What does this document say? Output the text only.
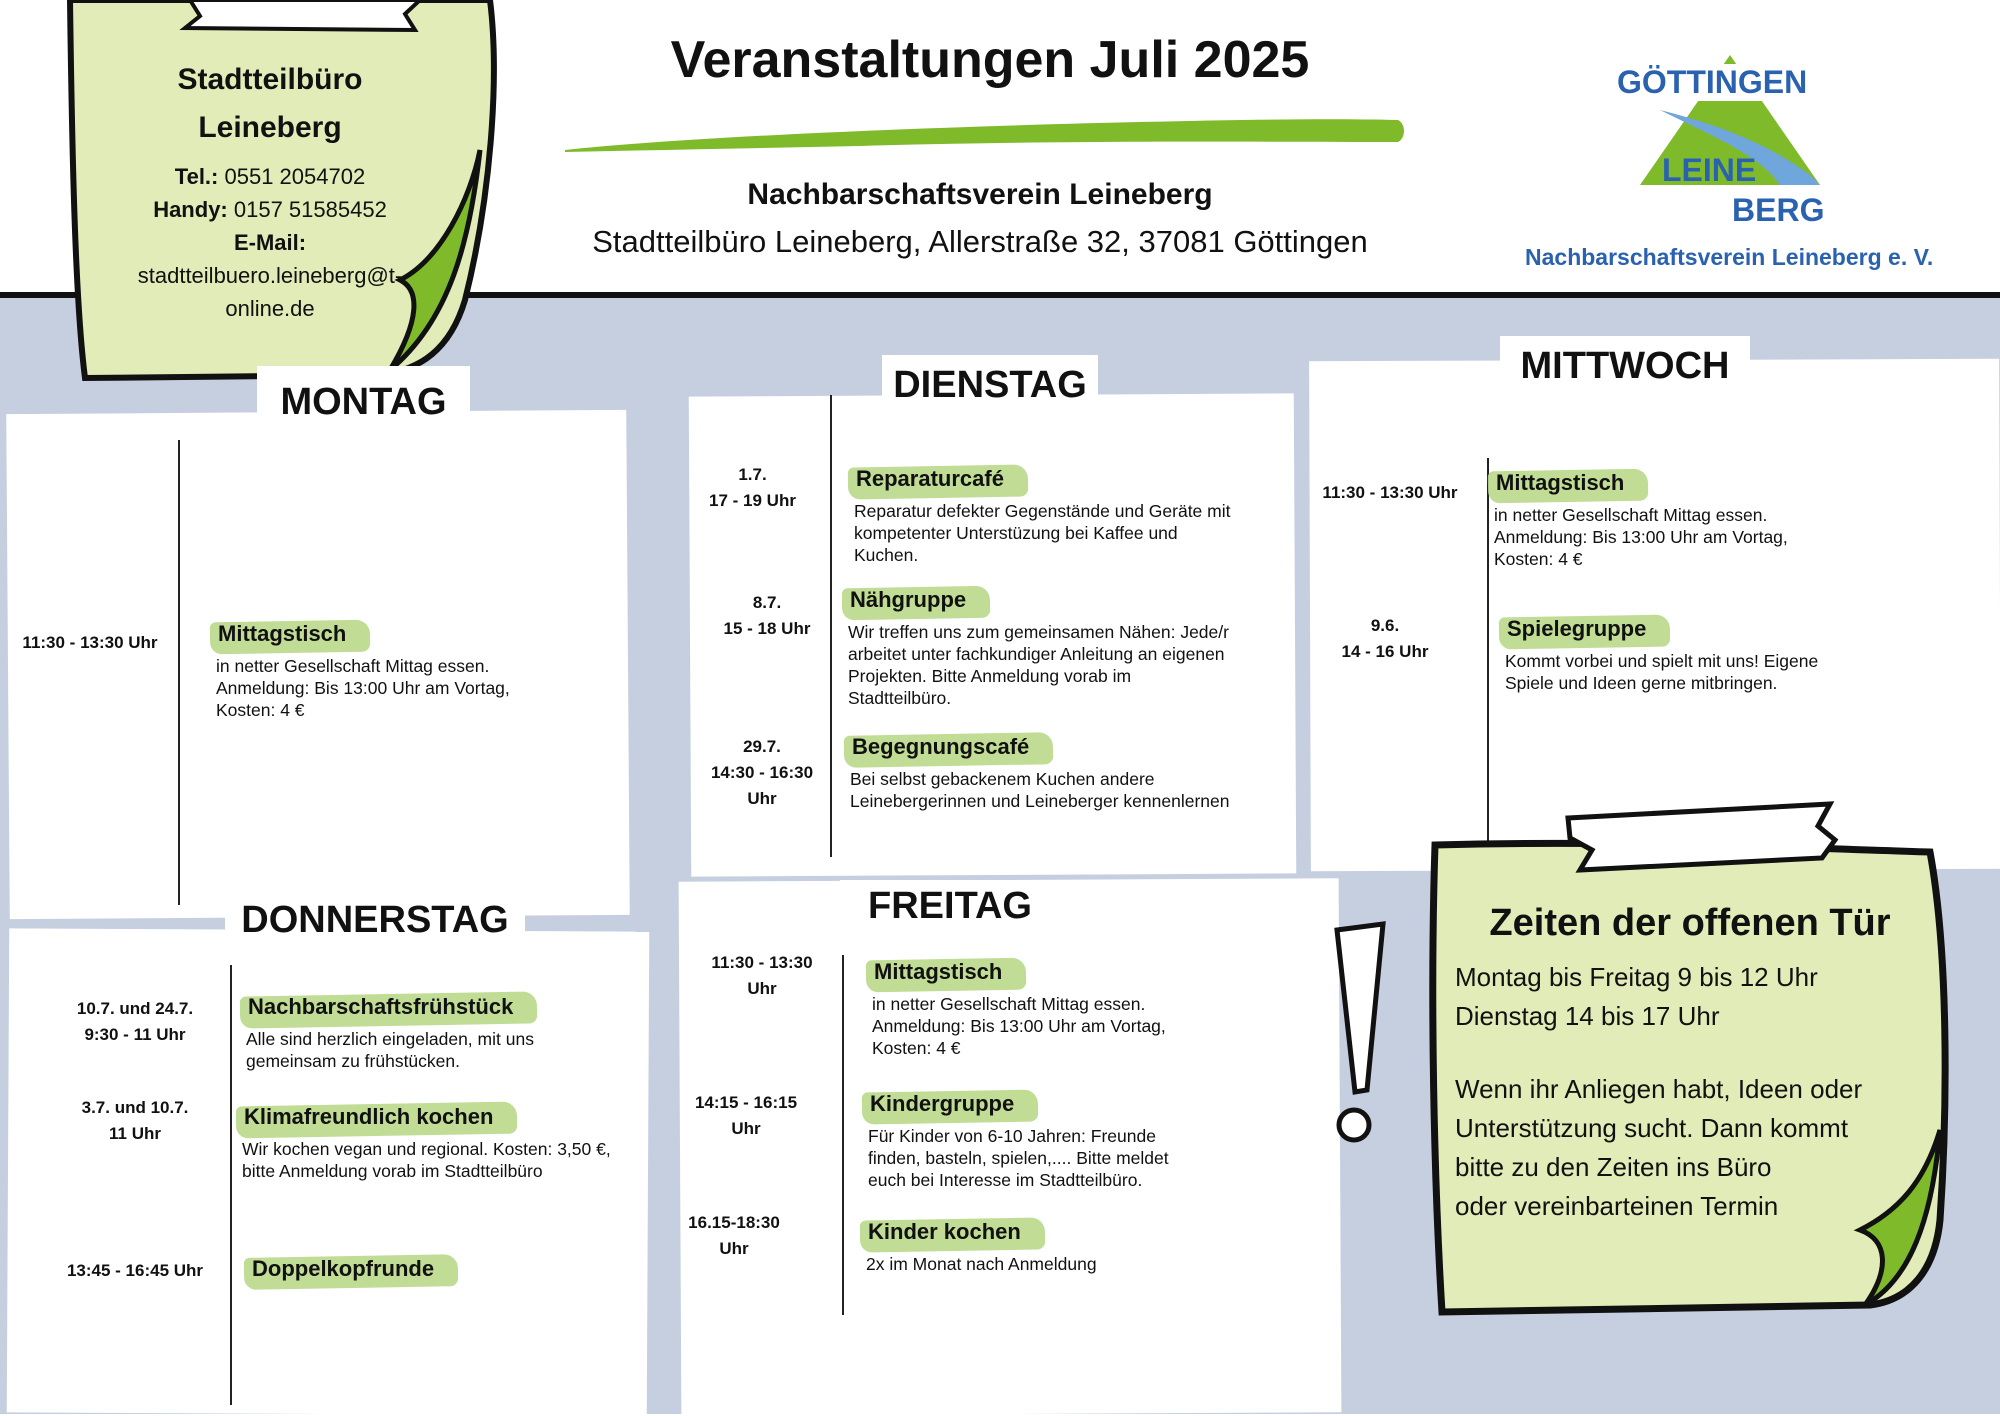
Veranstaltungen Juli 2025
Nachbarschaftsverein Leineberg
Stadtteilbüro Leineberg, Allerstraße 32, 37081 Göttingen
Stadtteilbüro
Leineberg
Tel.: 0551 2054702
Handy: 0157 51585452
E-Mail:
stadtteilbuero.leineberg@t-
online.de
GÖTTINGEN
LEINE
BERG
Nachbarschaftsverein Leineberg e. V.
MONTAG
11:30 - 13:30 Uhr	Mittagstisch
in netter Gesellschaft Mittag essen.
Anmeldung: Bis 13:00 Uhr am Vortag,
Kosten: 4 €
DIENSTAG
1.7.
17 - 19 Uhr
Reparaturcafé
Reparatur defekter Gegenstände und Geräte mit
kompetenter Unterstüzung bei Kaffee und
Kuchen.
8.7.
15 - 18 Uhr
Nähgruppe
Wir treffen uns zum gemeinsamen Nähen: Jede/r
arbeitet unter fachkundiger Anleitung an eigenen
Projekten. Bitte Anmeldung vorab im
Stadtteilbüro.
29.7.
14:30 - 16:30
Uhr
Begegnungscafé
Bei selbst gebackenem Kuchen andere
Leinebergerinnen und Leineberger kennenlernen
MITTWOCH
11:30 - 13:30 Uhr	Mittagstisch
in netter Gesellschaft Mittag essen.
Anmeldung: Bis 13:00 Uhr am Vortag,
Kosten: 4 €
9.6.
14 - 16 Uhr
Spielegruppe
Kommt vorbei und spielt mit uns! Eigene
Spiele und Ideen gerne mitbringen.
DONNERSTAG
10.7. und 24.7.
9:30 - 11 Uhr
Nachbarschaftsfrühstück
Alle sind herzlich eingeladen, mit uns
gemeinsam zu frühstücken.
3.7. und 10.7.
11 Uhr
Klimafreundlich kochen
Wir kochen vegan und regional. Kosten: 3,50 €,
bitte Anmeldung vorab im Stadtteilbüro
13:45 - 16:45 Uhr	Doppelkopfrunde
FREITAG
11:30 - 13:30
Uhr
Mittagstisch
in netter Gesellschaft Mittag essen.
Anmeldung: Bis 13:00 Uhr am Vortag,
Kosten: 4 €
14:15 - 16:15
Uhr
Kindergruppe
Für Kinder von 6-10 Jahren: Freunde
finden, basteln, spielen,.... Bitte meldet
euch bei Interesse im Stadtteilbüro.
16.15-18:30
Uhr
Kinder kochen
2x im Monat nach Anmeldung
Zeiten der offenen Tür
Montag bis Freitag 9 bis 12 Uhr
Dienstag 14 bis 17 Uhr
Wenn ihr Anliegen habt, Ideen oder
Unterstützung sucht. Dann kommt
bitte zu den Zeiten ins Büro
oder vereinbarteinen Termin
